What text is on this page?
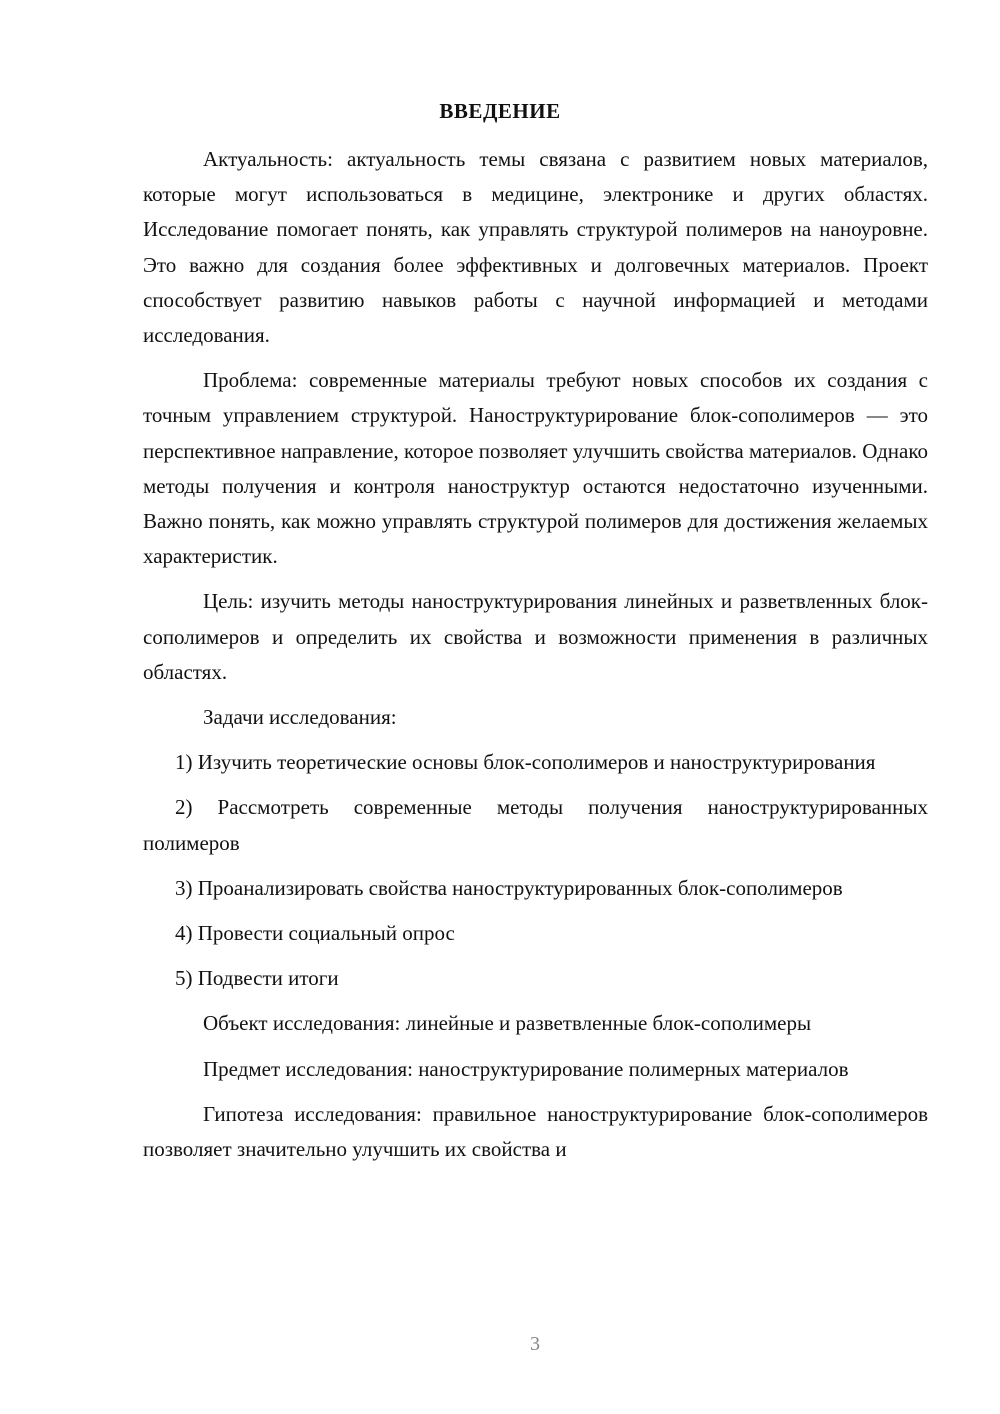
ВВЕДЕНИЕ

Актуальность: актуальность темы связана с развитием новых материалов, которые могут использоваться в медицине, электронике и других областях. Исследование помогает понять, как управлять структурой полимеров на наноуровне. Это важно для создания более эффективных и долговечных материалов. Проект способствует развитию навыков работы с научной информацией и методами исследования.

Проблема: современные материалы требуют новых способов их создания с точным управлением структурой. Наноструктурирование блок-сополимеров — это перспективное направление, которое позволяет улучшить свойства материалов. Однако методы получения и контроля наноструктур остаются недостаточно изученными. Важно понять, как можно управлять структурой полимеров для достижения желаемых характеристик.

Цель: изучить методы наноструктурирования линейных и разветвленных блок-сополимеров и определить их свойства и возможности применения в различных областях.

Задачи исследования:

1) Изучить теоретические основы блок-сополимеров и наноструктурирования

2) Рассмотреть современные методы получения наноструктурированных полимеров

3) Проанализировать свойства наноструктурированных блок-сополимеров

4) Провести социальный опрос

5) Подвести итоги

Объект исследования: линейные и разветвленные блок-сополимеры

Предмет исследования: наноструктурирование полимерных материалов

Гипотеза исследования: правильное наноструктурирование блок-сополимеров позволяет значительно улучшить их свойства и

3
